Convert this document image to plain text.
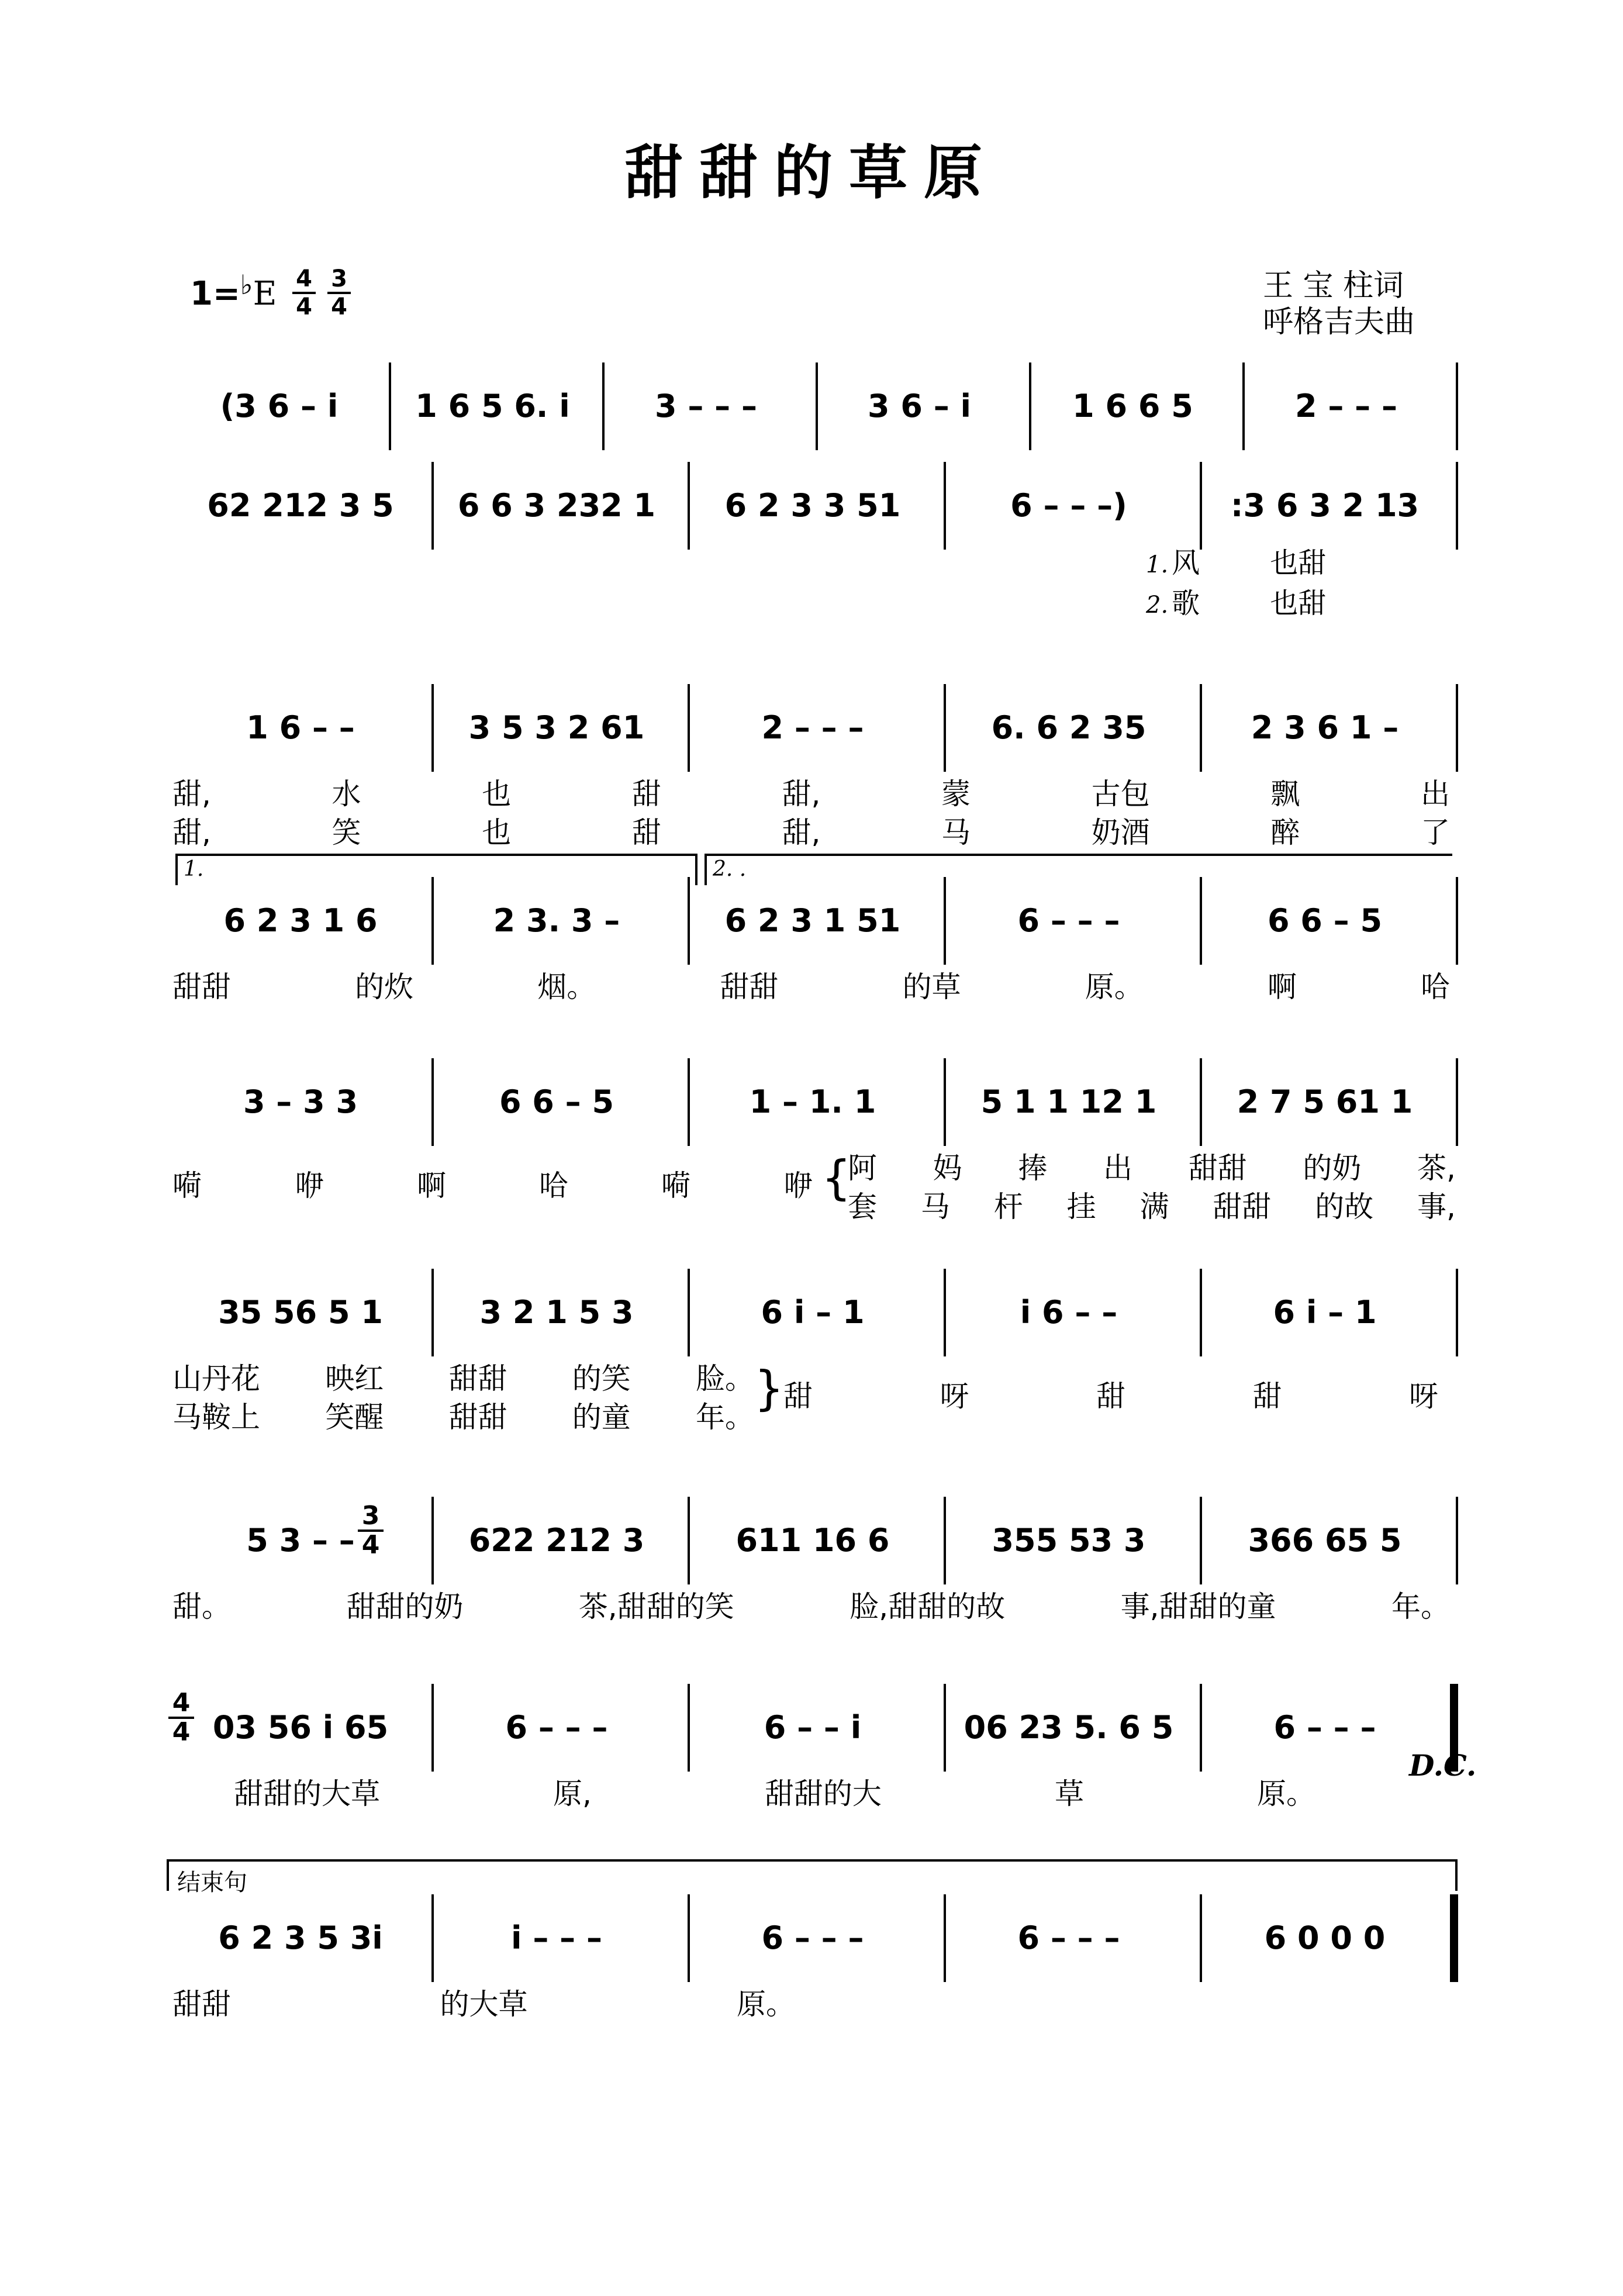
甜甜的草原
$1=^♭E \frac{4}{4} \frac{3}{4}$	王 宝 柱词
呼格吉夫曲
(3 6 – i 1 6 5 6. i	3 – – –	3 6 – i	1 6 6 5	2 – – –
62 212 3 5 6 6 3 232 1 6 2 3 3 51	6 – – –)	:3 6 3 2 13
1. 风	也甜
2. 歌	也甜
1 6 – –	3 5 3 2 61	2 – – –	6. 6 2 35	2 3 6 1 –
甜,	水	也	甜	甜,	蒙	古包	飘	出
甜,	笑	也	甜	甜,	马	奶酒	醉	了
6 2 3 1 6	2 3. 3 –	6 2 3 1 51	6 – – –	6 6 – 5
1.	2. .
甜甜	的炊	烟。	甜甜	的草	原。	啊	哈
3 – 3 3	6 6 – 5	1 – 1. 1	5 1 1 12 1	2 7 5 61 1
嗬	咿	啊	哈	嗬	咿
阿 妈 捧 出 甜甜 的奶 茶,
套 马 杆 挂 满 甜甜 的故 事,
{
35 56 5 1	3 2 1 5 3	6 i – 1	i 6 – –	6 i – 1
山丹花 映红 甜甜 的笑 脸。
马鞍上 笑醒 甜甜 的童 年。
甜	呀	甜	甜	呀
}
5 3 – –	622 212 3	611 16 6	355 53 3	366 65 5
甜。	甜甜的奶	茶,甜甜的笑	脸,甜甜的故	事,甜甜的童	年。
03 56 i 65	6 – – –	6 – – i	06 23 5. 6 5	6 – – –
甜甜的大草	原,	甜甜的大	草	原。
6 2 3 5 3i	i – – –	6 – – –	6 – – –	6 0 0 0
甜甜	的大草	原。
$\frac{3}{4}$
$\frac{4}{4}$
D.C.
结束句
